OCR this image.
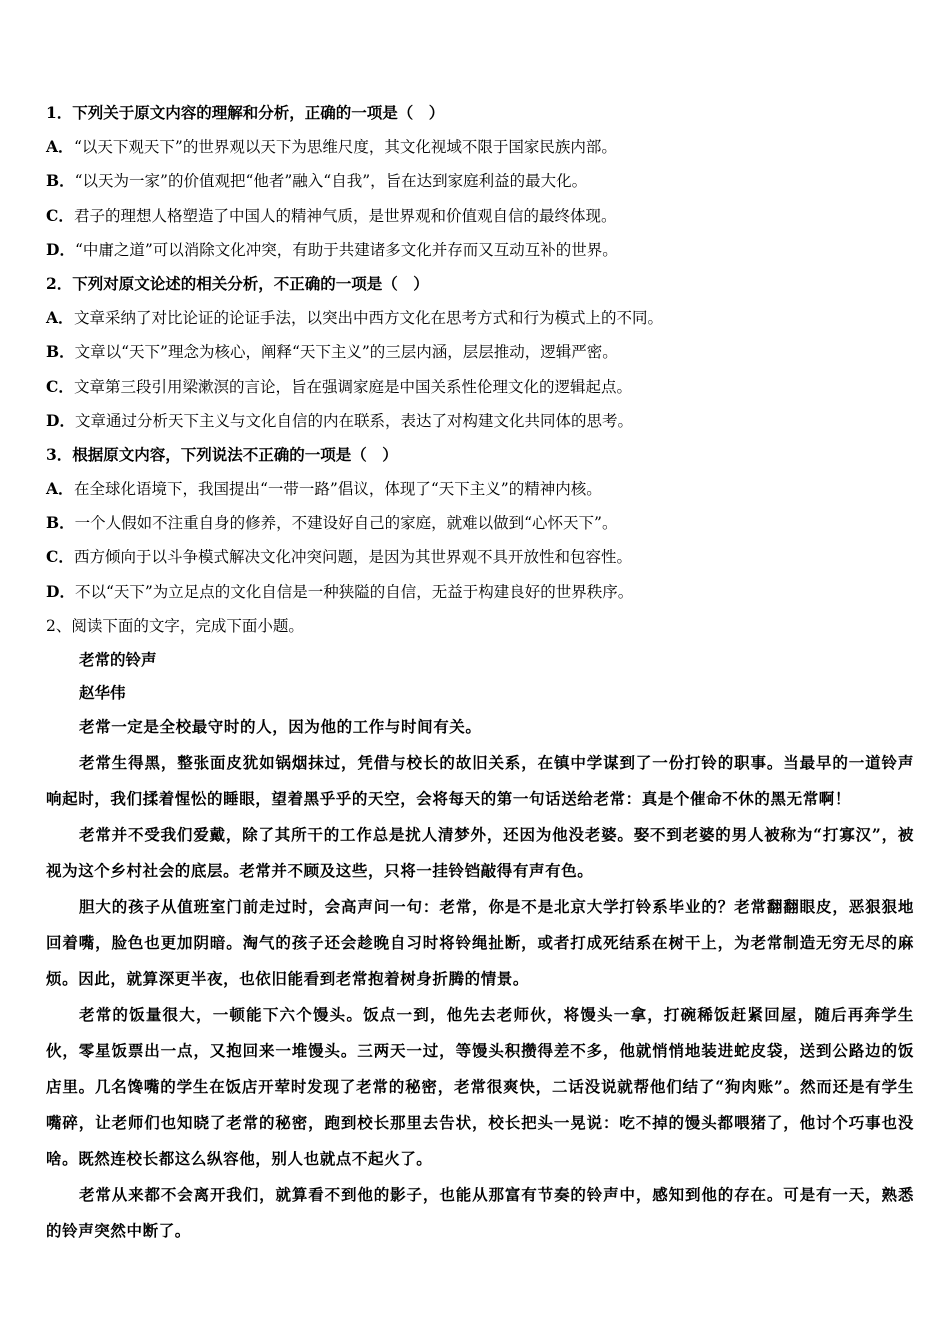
1．下列关于原文内容的理解和分析，正确的一项是（　）
A．“以天下观天下”的世界观以天下为思维尺度，其文化视域不限于国家民族内部。
B．“以天为一家”的价值观把“他者”融入“自我”，旨在达到家庭利益的最大化。
C．君子的理想人格塑造了中国人的精神气质，是世界观和价值观自信的最终体现。
D．“中庸之道”可以消除文化冲突，有助于共建诸多文化并存而又互动互补的世界。
2．下列对原文论述的相关分析，不正确的一项是（　）
A．文章采纳了对比论证的论证手法，以突出中西方文化在思考方式和行为模式上的不同。
B．文章以“天下”理念为核心，阐释“天下主义”的三层内涵，层层推动，逻辑严密。
C．文章第三段引用梁漱溟的言论，旨在强调家庭是中国关系性伦理文化的逻辑起点。
D．文章通过分析天下主义与文化自信的内在联系，表达了对构建文化共同体的思考。
3．根据原文内容，下列说法不正确的一项是（　）
A．在全球化语境下，我国提出“一带一路”倡议，体现了“天下主义”的精神内核。
B．一个人假如不注重自身的修养，不建设好自己的家庭，就难以做到“心怀天下”。
C．西方倾向于以斗争模式解决文化冲突问题，是因为其世界观不具开放性和包容性。
D．不以“天下”为立足点的文化自信是一种狭隘的自信，无益于构建良好的世界秩序。
2、阅读下面的文字，完成下面小题。
老常的铃声
赵华伟

老常一定是全校最守时的人，因为他的工作与时间有关。

老常生得黑，整张面皮犹如锅烟抹过，凭借与校长的故旧关系，在镇中学谋到了一份打铃的职事。当最早的一道铃声响起时，我们揉着惺忪的睡眼，望着黑乎乎的天空，会将每天的第一句话送给老常：真是个催命不休的黑无常啊！

老常并不受我们爱戴，除了其所干的工作总是扰人清梦外，还因为他没老婆。娶不到老婆的男人被称为“打寡汉”，被视为这个乡村社会的底层。老常并不顾及这些，只将一挂铃铛敲得有声有色。

胆大的孩子从值班室门前走过时，会高声问一句：老常，你是不是北京大学打铃系毕业的？老常翻翻眼皮，恶狠狠地回着嘴，脸色也更加阴暗。淘气的孩子还会趁晚自习时将铃绳扯断，或者打成死结系在树干上，为老常制造无穷无尽的麻烦。因此，就算深更半夜，也依旧能看到老常抱着树身折腾的情景。

老常的饭量很大，一顿能下六个馒头。饭点一到，他先去老师伙，将馒头一拿，打碗稀饭赶紧回屋，随后再奔学生伙，零星饭票出一点，又抱回来一堆馒头。三两天一过，等馒头积攒得差不多，他就悄悄地装进蛇皮袋，送到公路边的饭店里。几名馋嘴的学生在饭店开荤时发现了老常的秘密，老常很爽快，二话没说就帮他们结了“狗肉账”。然而还是有学生嘴碎，让老师们也知晓了老常的秘密，跑到校长那里去告状，校长把头一晃说：吃不掉的馒头都喂猪了，他讨个巧事也没啥。既然连校长都这么纵容他，别人也就点不起火了。

老常从来都不会离开我们，就算看不到他的影子，也能从那富有节奏的铃声中，感知到他的存在。可是有一天，熟悉的铃声突然中断了。
